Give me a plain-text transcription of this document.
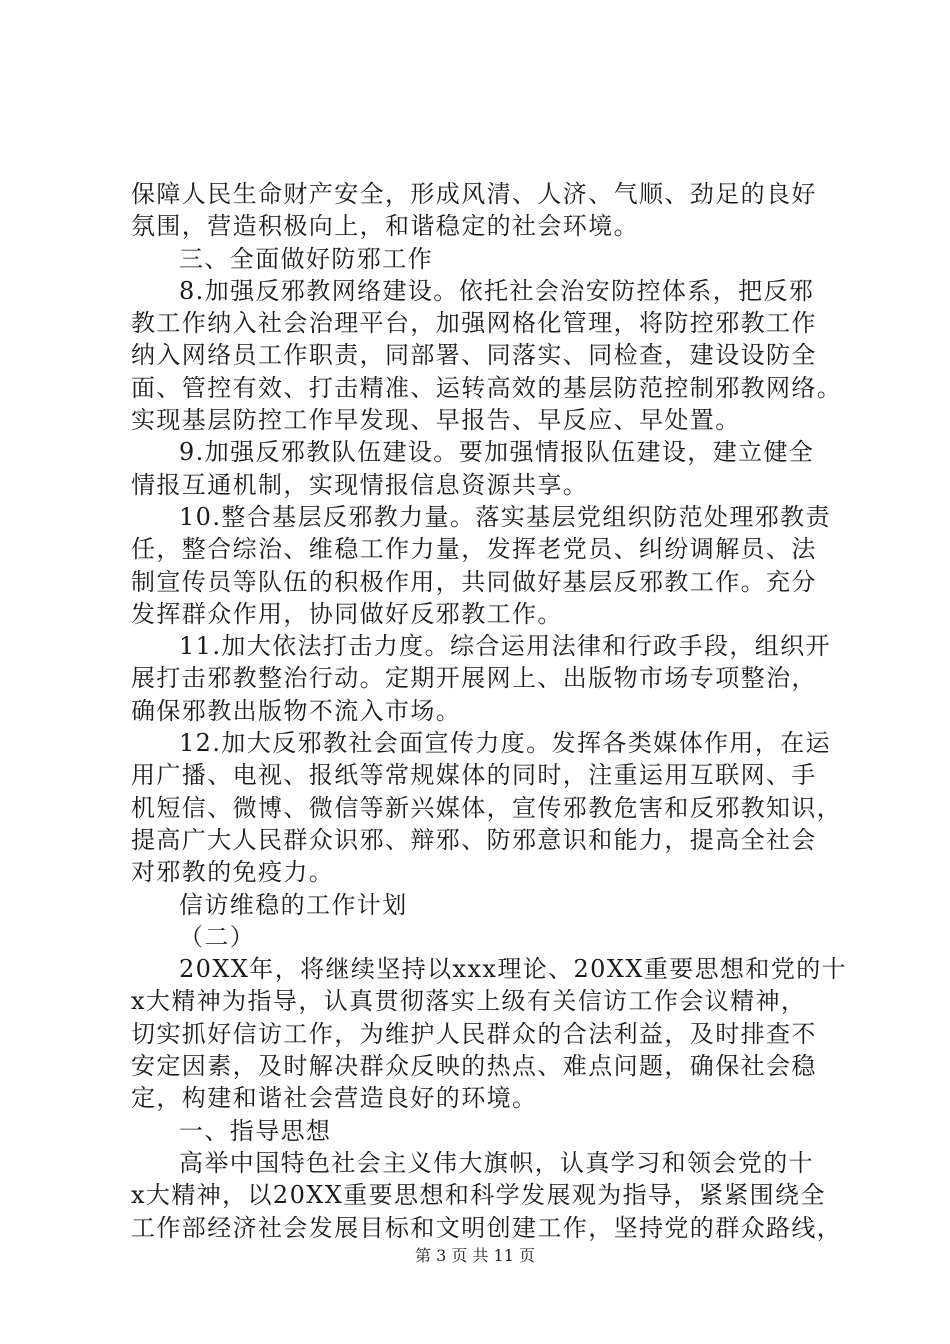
保障人民生命财产安全，形成风清、人济、气顺、劲足的良好
氛围，营造积极向上，和谐稳定的社会环境。
三、全面做好防邪工作
8.加强反邪教网络建设。依托社会治安防控体系，把反邪
教工作纳入社会治理平台，加强网格化管理，将防控邪教工作
纳入网络员工作职责，同部署、同落实、同检查，建设设防全
面、管控有效、打击精准、运转高效的基层防范控制邪教网络。
实现基层防控工作早发现、早报告、早反应、早处置。
9.加强反邪教队伍建设。要加强情报队伍建设，建立健全
情报互通机制，实现情报信息资源共享。
10.整合基层反邪教力量。落实基层党组织防范处理邪教责
任，整合综治、维稳工作力量，发挥老党员、纠纷调解员、法
制宣传员等队伍的积极作用，共同做好基层反邪教工作。充分
发挥群众作用，协同做好反邪教工作。
11.加大依法打击力度。综合运用法律和行政手段，组织开
展打击邪教整治行动。定期开展网上、出版物市场专项整治，
确保邪教出版物不流入市场。
12.加大反邪教社会面宣传力度。发挥各类媒体作用，在运
用广播、电视、报纸等常规媒体的同时，注重运用互联网、手
机短信、微博、微信等新兴媒体，宣传邪教危害和反邪教知识，
提高广大人民群众识邪、辩邪、防邪意识和能力，提高全社会
对邪教的免疫力。
信访维稳的工作计划
（二）
20XX年，将继续坚持以xxx理论、20XX重要思想和党的十
x大精神为指导，认真贯彻落实上级有关信访工作会议精神，
切实抓好信访工作，为维护人民群众的合法利益，及时排查不
安定因素，及时解决群众反映的热点、难点问题，确保社会稳
定，构建和谐社会营造良好的环境。
一、指导思想
高举中国特色社会主义伟大旗帜，认真学习和领会党的十
x大精神，以20XX重要思想和科学发展观为指导，紧紧围绕全
工作部经济社会发展目标和文明创建工作，坚持党的群众路线，
第 3 页 共 11 页
